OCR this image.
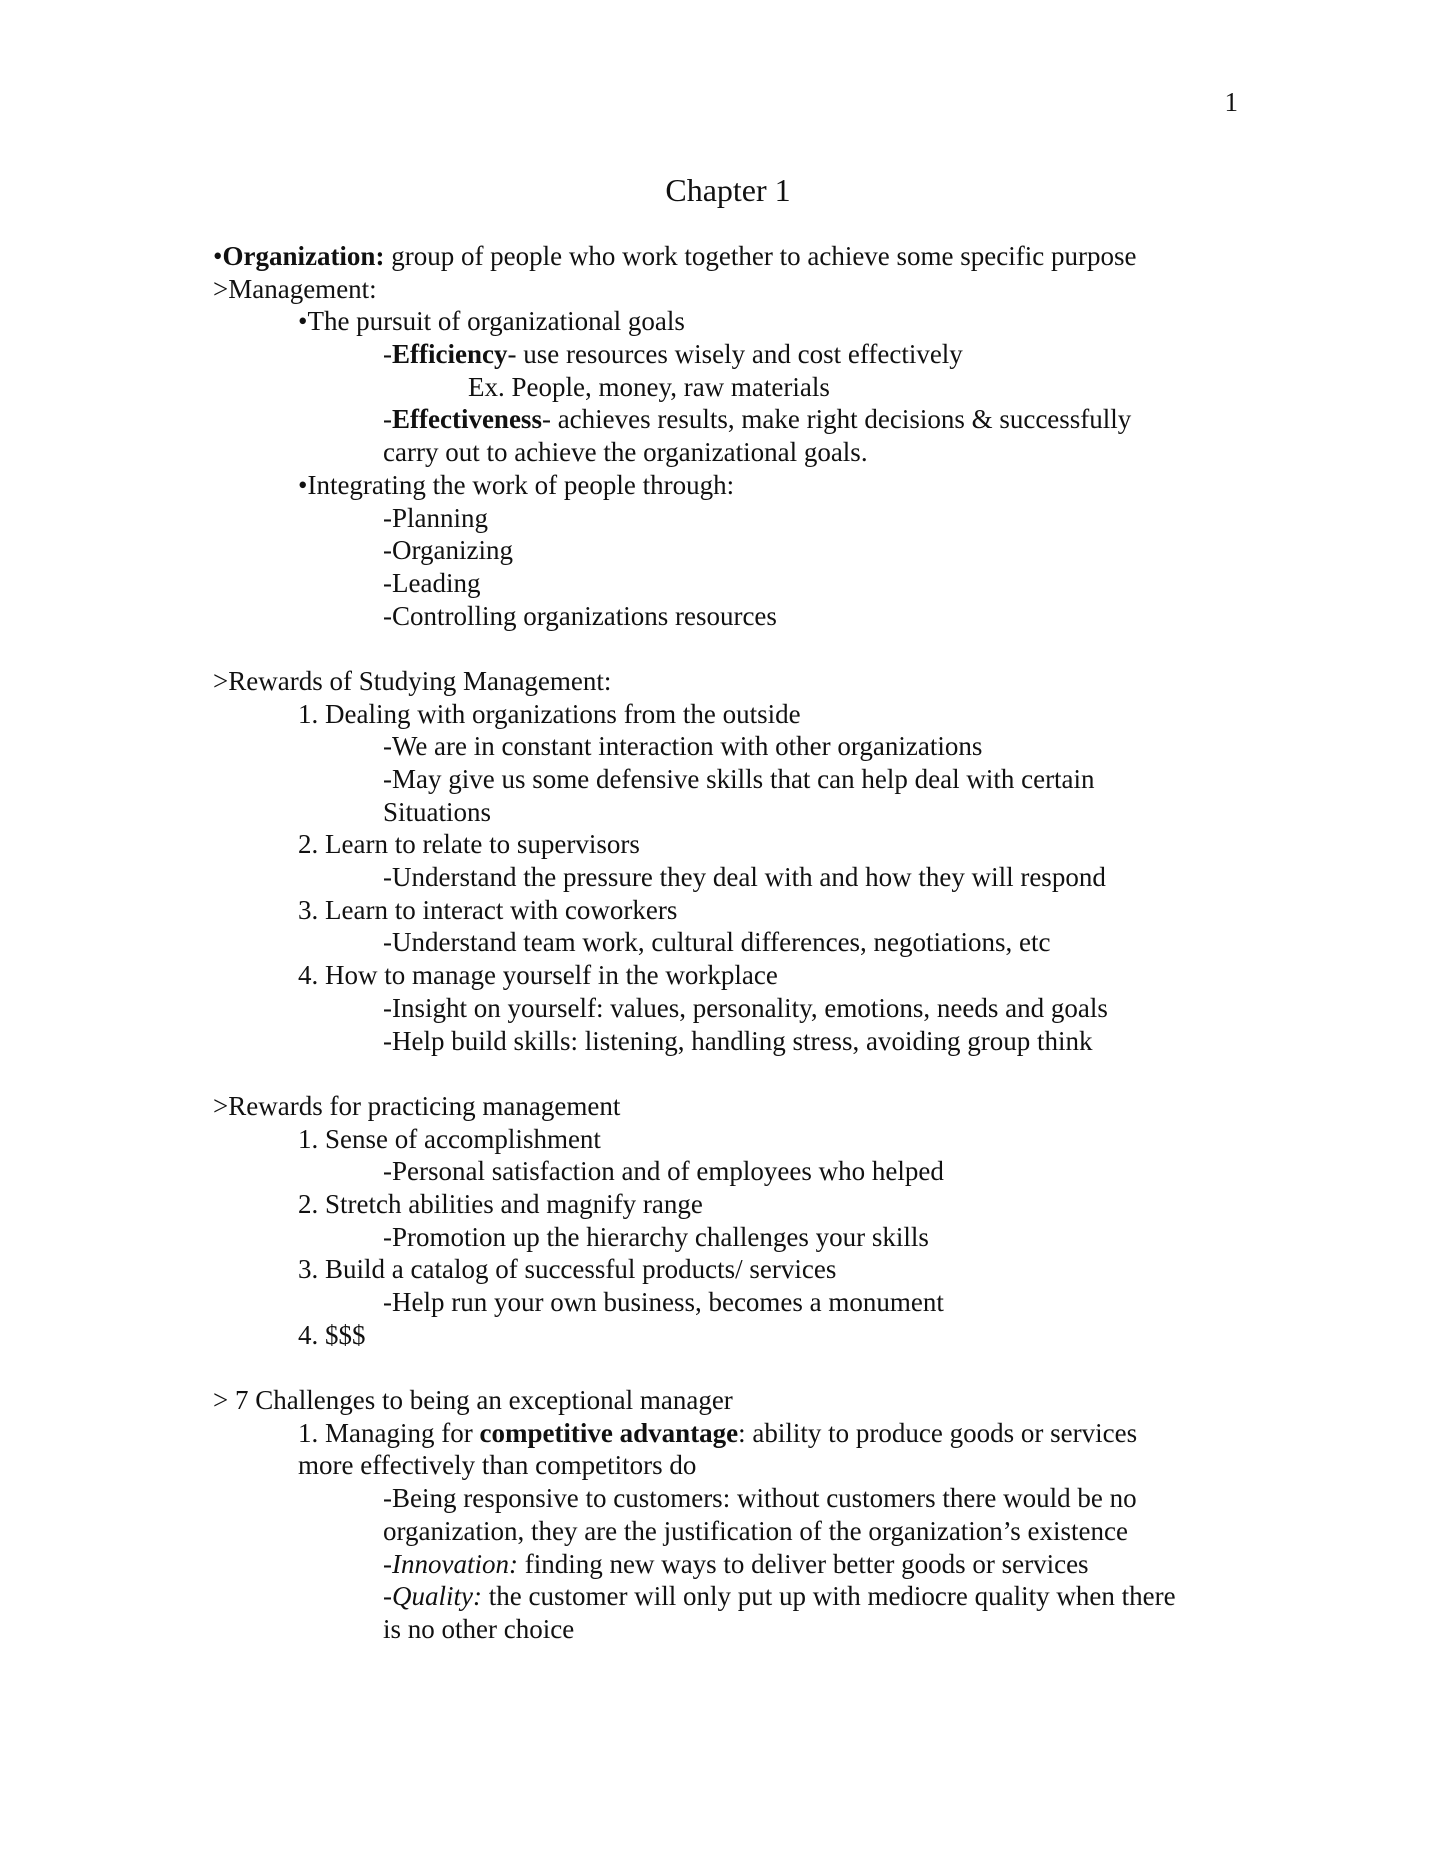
1
Chapter 1
•Organization: group of people who work together to achieve some specific purpose
>Management:
•The pursuit of organizational goals
-Efficiency- use resources wisely and cost effectively
Ex. People, money, raw materials
-Effectiveness- achieves results, make right decisions & successfully
carry out to achieve the organizational goals.
•Integrating the work of people through:
-Planning
-Organizing
-Leading
-Controlling organizations resources
>Rewards of Studying Management:
1. Dealing with organizations from the outside
-We are in constant interaction with other organizations
-May give us some defensive skills that can help deal with certain
Situations
2. Learn to relate to supervisors
-Understand the pressure they deal with and how they will respond
3. Learn to interact with coworkers
-Understand team work, cultural differences, negotiations, etc
4. How to manage yourself in the workplace
-Insight on yourself: values, personality, emotions, needs and goals
-Help build skills: listening, handling stress, avoiding group think
>Rewards for practicing management
1. Sense of accomplishment
-Personal satisfaction and of employees who helped
2. Stretch abilities and magnify range
-Promotion up the hierarchy challenges your skills
3. Build a catalog of successful products/ services
-Help run your own business, becomes a monument
4. $$$
> 7 Challenges to being an exceptional manager
1. Managing for competitive advantage: ability to produce goods or services
more effectively than competitors do
-Being responsive to customers: without customers there would be no
organization, they are the justification of the organization’s existence
-Innovation: finding new ways to deliver better goods or services
-Quality: the customer will only put up with mediocre quality when there
is no other choice
